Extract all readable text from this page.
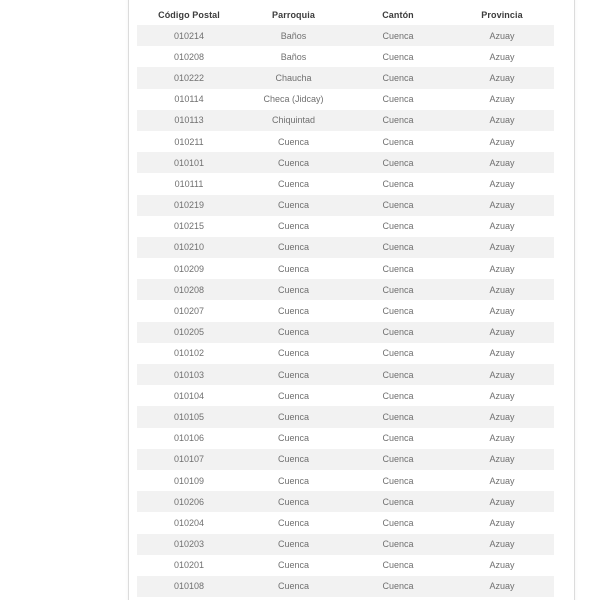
Código Postal	Parroquia	Cantón	Provincia
010214	Baños	Cuenca	Azuay
010208	Baños	Cuenca	Azuay
010222	Chaucha	Cuenca	Azuay
010114	Checa (Jidcay)	Cuenca	Azuay
010113	Chiquintad	Cuenca	Azuay
010211	Cuenca	Cuenca	Azuay
010101	Cuenca	Cuenca	Azuay
010111	Cuenca	Cuenca	Azuay
010219	Cuenca	Cuenca	Azuay
010215	Cuenca	Cuenca	Azuay
010210	Cuenca	Cuenca	Azuay
010209	Cuenca	Cuenca	Azuay
010208	Cuenca	Cuenca	Azuay
010207	Cuenca	Cuenca	Azuay
010205	Cuenca	Cuenca	Azuay
010102	Cuenca	Cuenca	Azuay
010103	Cuenca	Cuenca	Azuay
010104	Cuenca	Cuenca	Azuay
010105	Cuenca	Cuenca	Azuay
010106	Cuenca	Cuenca	Azuay
010107	Cuenca	Cuenca	Azuay
010109	Cuenca	Cuenca	Azuay
010206	Cuenca	Cuenca	Azuay
010204	Cuenca	Cuenca	Azuay
010203	Cuenca	Cuenca	Azuay
010201	Cuenca	Cuenca	Azuay
010108	Cuenca	Cuenca	Azuay
